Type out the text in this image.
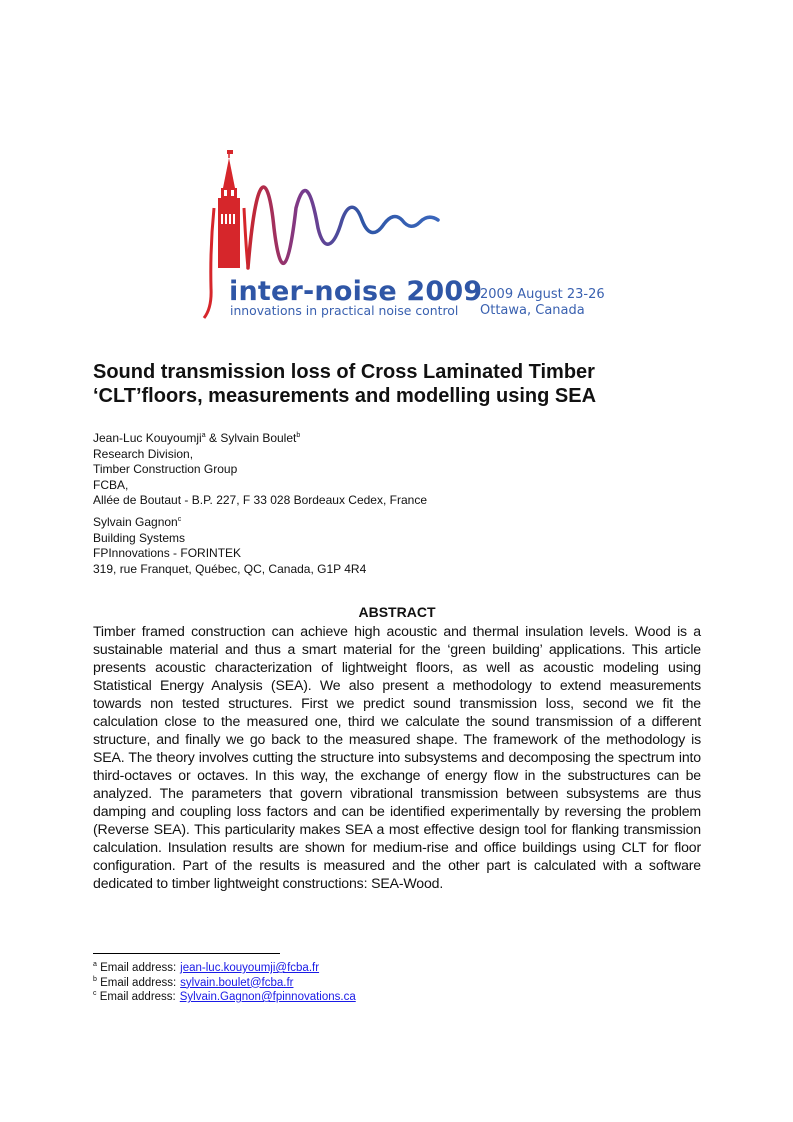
inter-noise 2009
innovations in practical noise control
2009 August 23-26
Ottawa, Canada
Sound transmission loss of Cross Laminated Timber
‘CLT’floors, measurements and modelling using SEA
Jean-Luc Kouyoumji$^a$ & Sylvain Boulet$^b$
Research Division,
Timber Construction Group
FCBA,
Allée de Boutaut - B.P. 227, F 33 028 Bordeaux Cedex, France
Sylvain Gagnon$^c$
Building Systems
FPInnovations - FORINTEK
319, rue Franquet, Québec, QC, Canada, G1P 4R4
ABSTRACT
Timber framed construction can achieve high acoustic and thermal insulation levels. Wood is a sustainable material and thus a smart material for the ‘green building’ applications. This article presents acoustic characterization of lightweight floors, as well as acoustic modeling using Statistical Energy Analysis (SEA). We also present a methodology to extend measurements towards non tested structures. First we predict sound transmission loss, second we fit the calculation close to the measured one, third we calculate the sound transmission of a different structure, and finally we go back to the measured shape. The framework of the methodology is SEA. The theory involves cutting the structure into subsystems and decomposing the spectrum into third-octaves or octaves. In this way, the exchange of energy flow in the substructures can be analyzed. The parameters that govern vibrational transmission between subsystems are thus damping and coupling loss factors and can be identified experimentally by reversing the problem (Reverse SEA). This particularity makes SEA a most effective design tool for flanking transmission calculation. Insulation results are shown for medium-rise and office buildings using CLT for floor configuration. Part of the results is measured and the other part is calculated with a software dedicated to timber lightweight constructions: SEA-Wood.
$^a$ Email address: jean-luc.kouyoumji@fcba.fr
$^b$ Email address: sylvain.boulet@fcba.fr
$^c$ Email address: Sylvain.Gagnon@fpinnovations.ca
